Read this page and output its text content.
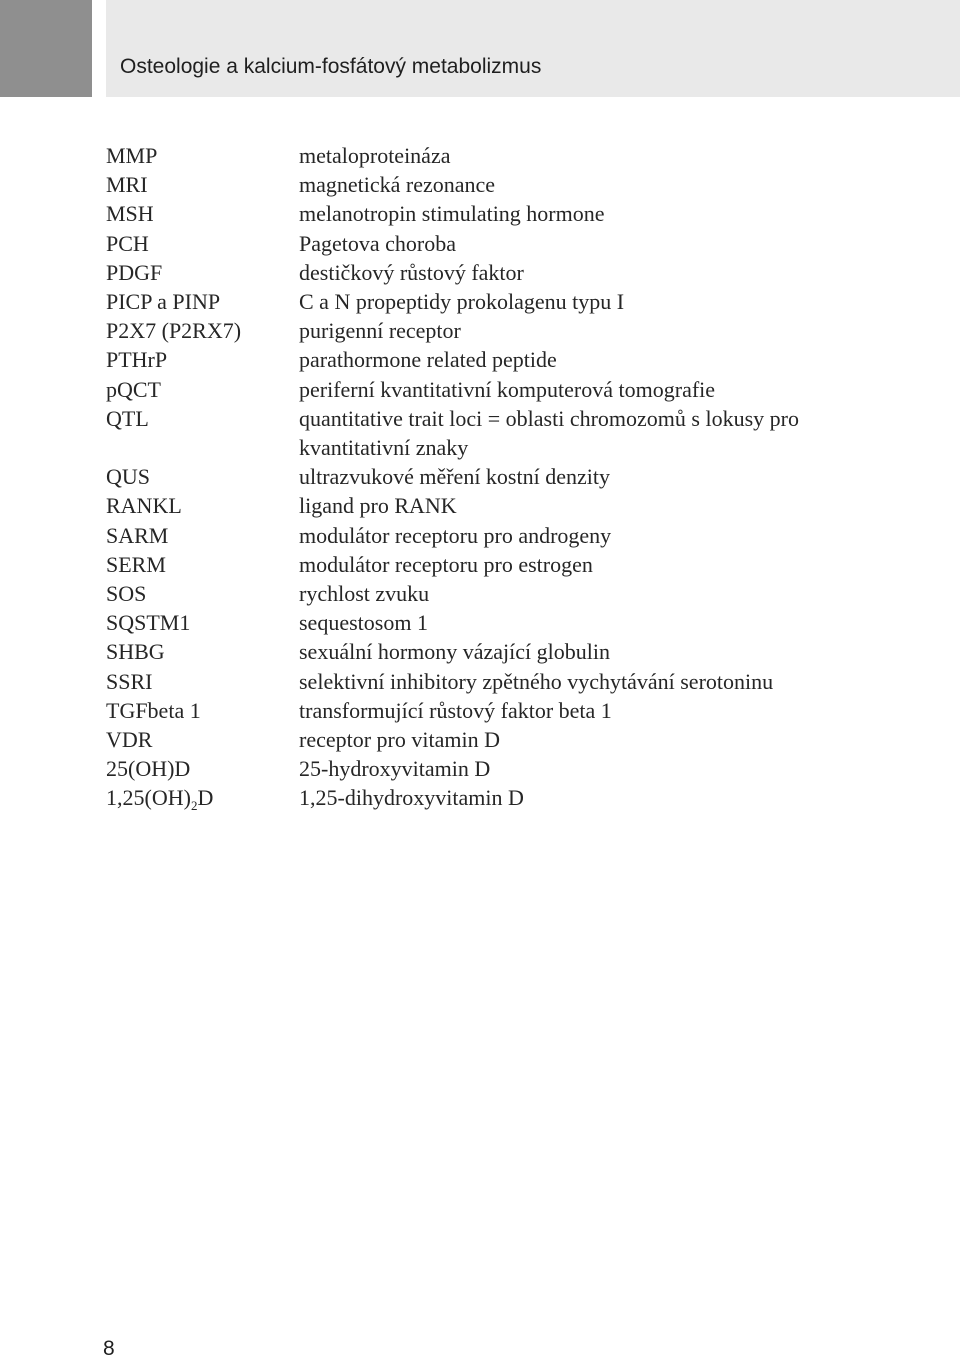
Osteologie a kalcium-fosfátový metabolizmus
MMP	metaloproteináza
MRI	magnetická rezonance
MSH	melanotropin stimulating hormone
PCH	Pagetova choroba
PDGF	destičkový růstový faktor
PICP a PINP	C a N propeptidy prokolagenu typu I
P2X7 (P2RX7)	purigenní receptor
PTHrP	parathormone related peptide
pQCT	periferní kvantitativní komputerová tomografie
QTL	quantitative trait loci = oblasti chromozomů s lokusy pro kvantitativní znaky
QUS	ultrazvukové měření kostní denzity
RANKL	ligand pro RANK
SARM	modulátor receptoru pro androgeny
SERM	modulátor receptoru pro estrogen
SOS	rychlost zvuku
SQSTM1	sequestosom 1
SHBG	sexuální hormony vázající globulin
SSRI	selektivní inhibitory zpětného vychytávání serotoninu
TGFbeta 1	transformující růstový faktor beta 1
VDR	receptor pro vitamin D
25(OH)D	25-hydroxyvitamin D
$1,25(OH)_2D$	1,25-dihydroxyvitamin D
8
